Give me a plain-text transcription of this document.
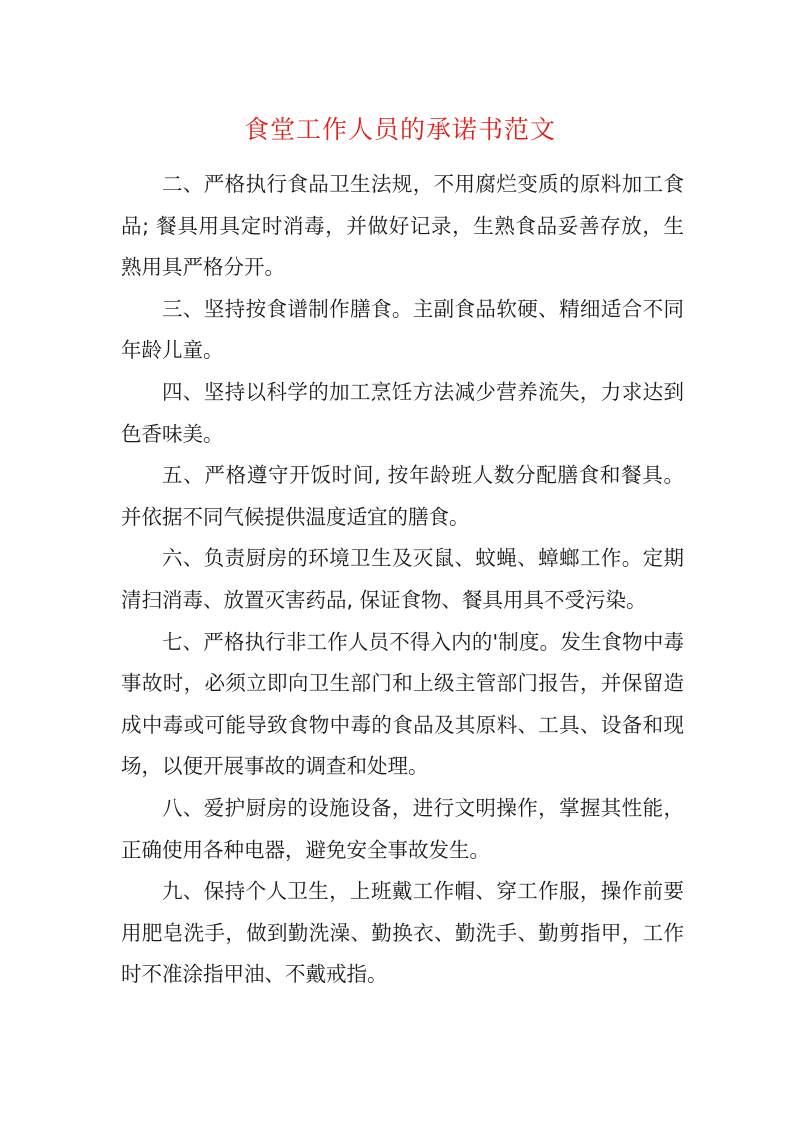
食堂工作人员的承诺书范文

二、严格执行食品卫生法规，不用腐烂变质的原料加工食品; 餐具用具定时消毒，并做好记录，生熟食品妥善存放，生熟用具严格分开。

三、坚持按食谱制作膳食。主副食品软硬、精细适合不同年龄儿童。

四、坚持以科学的加工烹饪方法减少营养流失，力求达到色香味美。

五、严格遵守开饭时间, 按年龄班人数分配膳食和餐具。并依据不同气候提供温度适宜的膳食。

六、负责厨房的环境卫生及灭鼠、蚊蝇、蟑螂工作。定期清扫消毒、放置灭害药品, 保证食物、餐具用具不受污染。

七、严格执行非工作人员不得入内的'制度。发生食物中毒事故时，必须立即向卫生部门和上级主管部门报告，并保留造成中毒或可能导致食物中毒的食品及其原料、工具、设备和现场，以便开展事故的调查和处理。

八、爱护厨房的设施设备，进行文明操作，掌握其性能，正确使用各种电器，避免安全事故发生。

九、保持个人卫生，上班戴工作帽、穿工作服，操作前要用肥皂洗手，做到勤洗澡、勤换衣、勤洗手、勤剪指甲，工作时不准涂指甲油、不戴戒指。
